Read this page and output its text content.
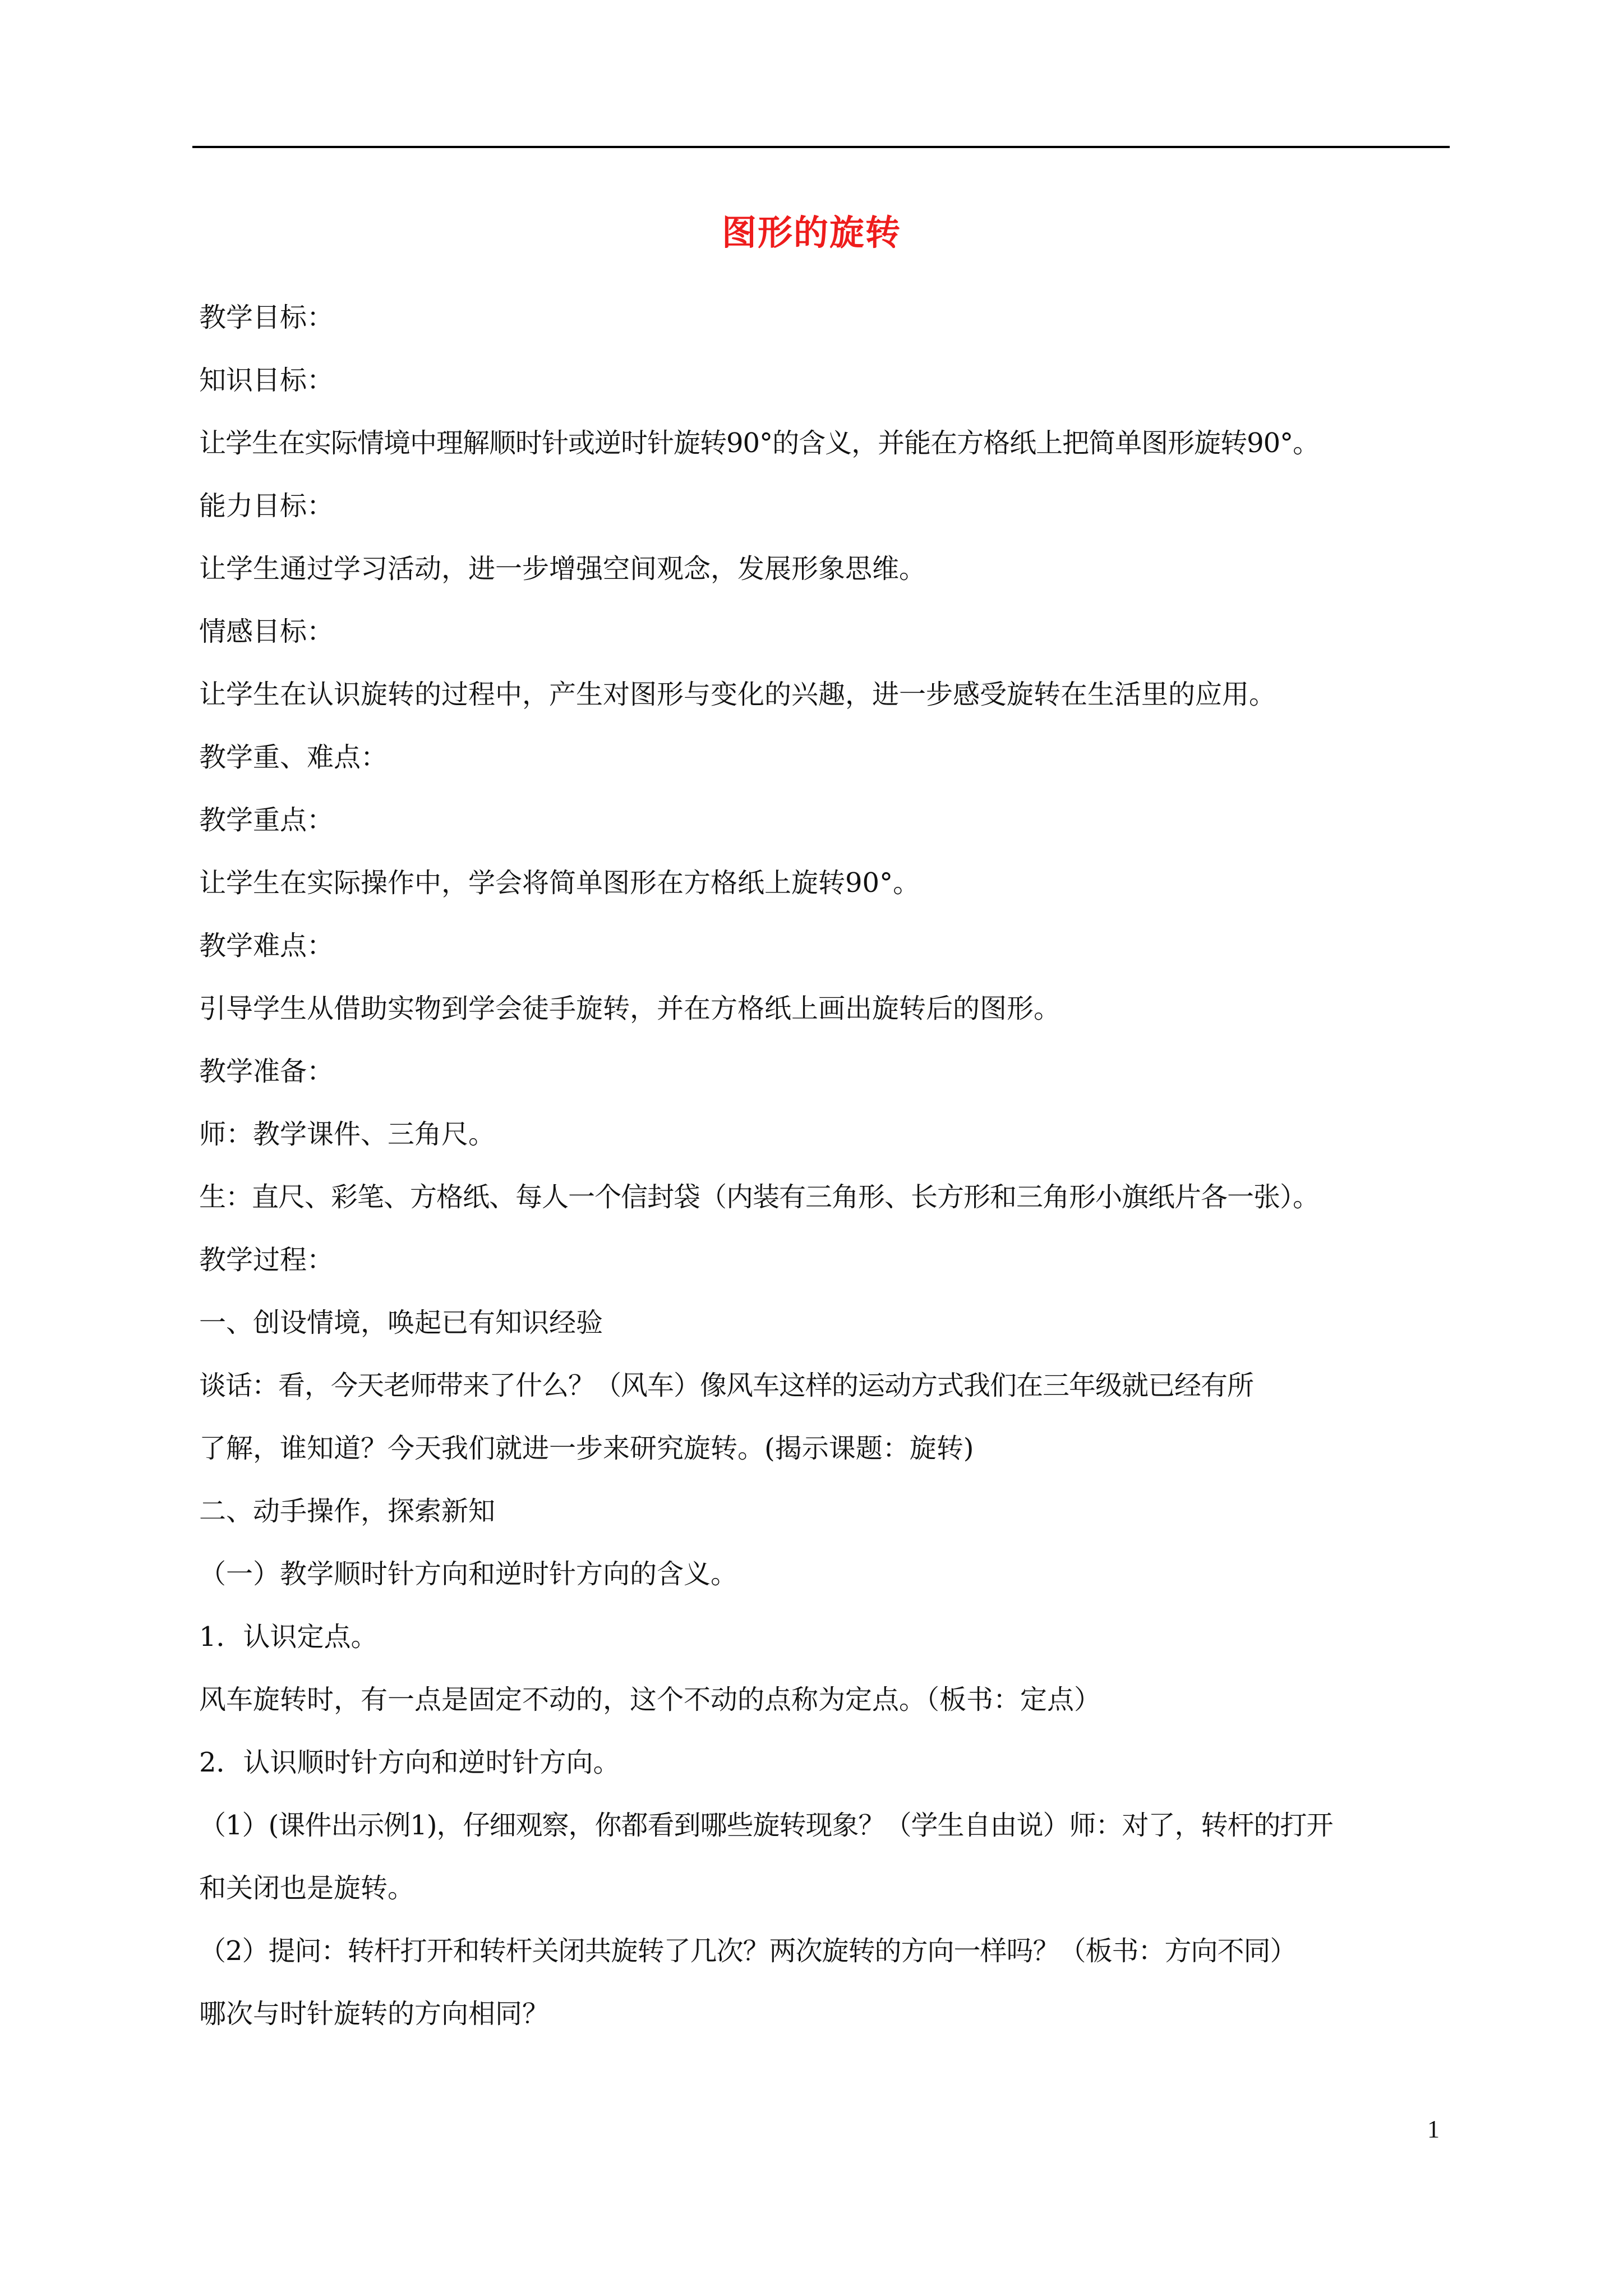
图形的旋转
教学目标：
知识目标：
让学生在实际情境中理解顺时针或逆时针旋转90°的含义，并能在方格纸上把简单图形旋转90°。
能力目标：
让学生通过学习活动，进一步增强空间观念，发展形象思维。
情感目标：
让学生在认识旋转的过程中，产生对图形与变化的兴趣，进一步感受旋转在生活里的应用。
教学重、难点：
教学重点：
让学生在实际操作中，学会将简单图形在方格纸上旋转90°。
教学难点：
引导学生从借助实物到学会徒手旋转，并在方格纸上画出旋转后的图形。
教学准备：
师：教学课件、三角尺。
生：直尺、彩笔、方格纸、每人一个信封袋（内装有三角形、长方形和三角形小旗纸片各一张）。
教学过程：
一、创设情境，唤起已有知识经验
谈话：看，今天老师带来了什么？（风车）像风车这样的运动方式我们在三年级就已经有所
了解，谁知道？今天我们就进一步来研究旋转。(揭示课题：旋转)
二、动手操作，探索新知
（一）教学顺时针方向和逆时针方向的含义。
1．认识定点。
风车旋转时，有一点是固定不动的，这个不动的点称为定点。（板书：定点）
2．认识顺时针方向和逆时针方向。
（1）(课件出示例1)，仔细观察，你都看到哪些旋转现象？（学生自由说）师：对了，转杆的打开
和关闭也是旋转。
（2）提问：转杆打开和转杆关闭共旋转了几次？两次旋转的方向一样吗？（板书：方向不同）
哪次与时针旋转的方向相同？
1
